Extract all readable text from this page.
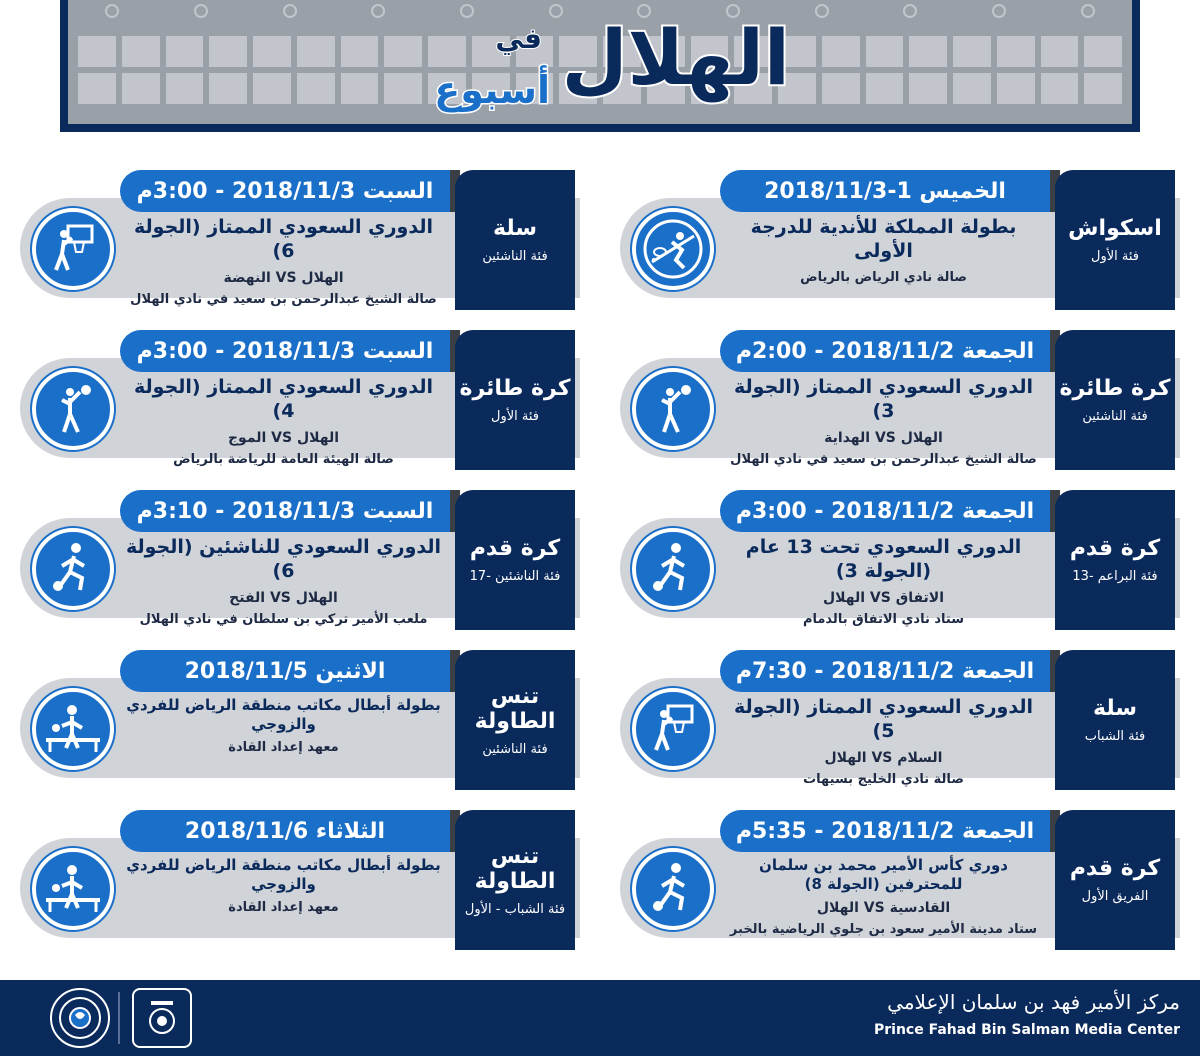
الهلال
في
أسبوع
الخميس 1-2018/11/3
اسكواش
فئة الأول
بطولة المملكة للأندية للدرجة الأولى
صالة نادي الرياض بالرياض
السبت 2018/11/3 - 3:00م
سلة
فئة الناشئين
الدوري السعودي الممتاز (الجولة 6)
الهلال VS النهضة
صالة الشيخ عبدالرحمن بن سعيد في نادي الهلال
الجمعة 2018/11/2 - 2:00م
كرة طائرة
فئة الناشئين
الدوري السعودي الممتاز (الجولة 3)
الهلال VS الهداية
صالة الشيخ عبدالرحمن بن سعيد في نادي الهلال
السبت 2018/11/3 - 3:00م
كرة طائرة
فئة الأول
الدوري السعودي الممتاز (الجولة 4)
الهلال VS الموج
صالة الهيئة العامة للرياضة بالرياض
الجمعة 2018/11/2 - 3:00م
كرة قدم
فئة البراعم -13
الدوري السعودي تحت 13 عام (الجولة 3)
الاتفاق VS الهلال
ستاد نادي الاتفاق بالدمام
السبت 2018/11/3 - 3:10م
كرة قدم
فئة الناشئين -17
الدوري السعودي للناشئين (الجولة 6)
الهلال VS الفتح
ملعب الأمير تركي بن سلطان في نادي الهلال
الجمعة 2018/11/2 - 7:30م
سلة
فئة الشباب
الدوري السعودي الممتاز (الجولة 5)
السلام VS الهلال
صالة نادي الخليج بسيهات
الاثنين 2018/11/5
تنس الطاولة
فئة الناشئين
بطولة أبطال مكاتب منطقة الرياض للفردي والزوجي
معهد إعداد القادة
الجمعة 2018/11/2 - 5:35م
كرة قدم
الفريق الأول
دوري كأس الأمير محمد بن سلمان للمحترفين (الجولة 8)
القادسية VS الهلال
ستاد مدينة الأمير سعود بن جلوي الرياضية بالخبر
الثلاثاء 2018/11/6
تنس الطاولة
فئة الشباب - الأول
بطولة أبطال مكاتب منطقة الرياض للفردي والزوجي
معهد إعداد القادة
مركز الأمير فهد بن سلمان الإعلامي
Prince Fahad Bin Salman Media Center
